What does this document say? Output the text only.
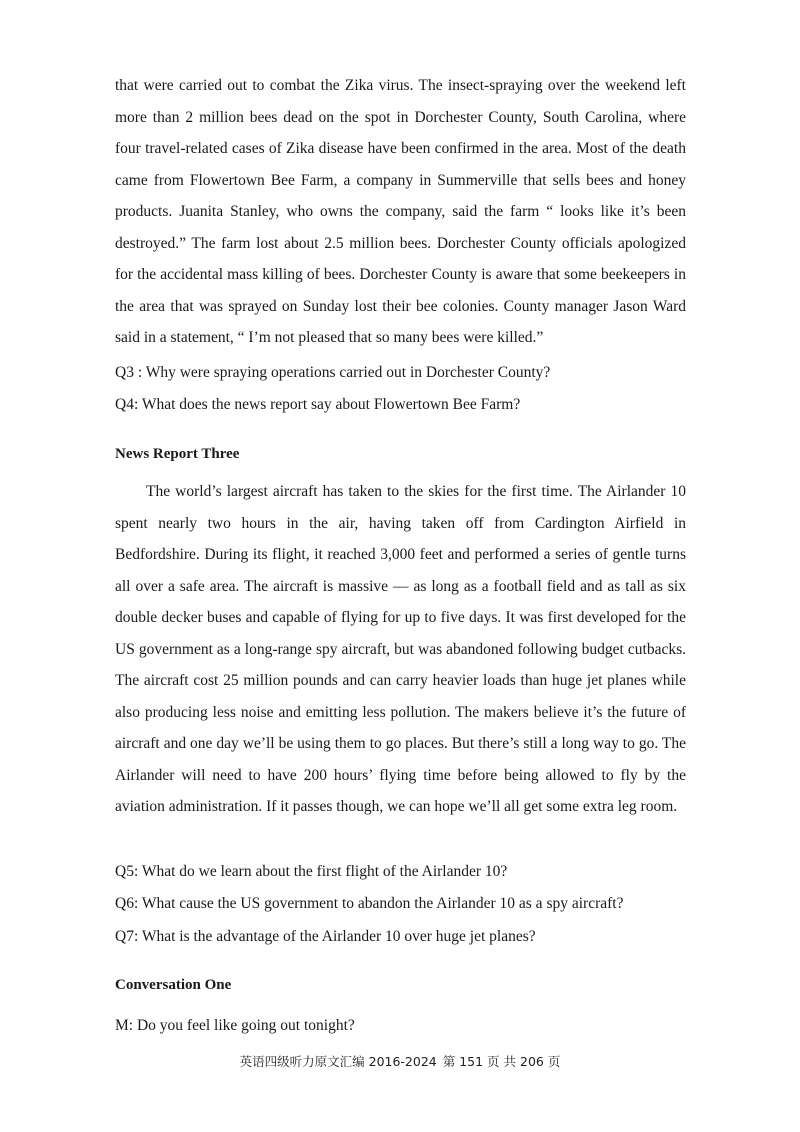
that were carried out to combat the Zika virus. The insect-spraying over the weekend left more than 2 million bees dead on the spot in Dorchester County, South Carolina, where four travel-related cases of Zika disease have been confirmed in the area. Most of the death came from Flowertown Bee Farm, a company in Summerville that sells bees and honey products. Juanita Stanley, who owns the company, said the farm “ looks like it’s been destroyed.” The farm lost about 2.5 million bees. Dorchester County officials apologized for the accidental mass killing of bees. Dorchester County is aware that some beekeepers in the area that was sprayed on Sunday lost their bee colonies. County manager Jason Ward said in a statement, “ I’m not pleased that so many bees were killed.”

Q3 : Why were spraying operations carried out in Dorchester County?

Q4: What does the news report say about Flowertown Bee Farm?

News Report Three

The world’s largest aircraft has taken to the skies for the first time. The Airlander 10 spent nearly two hours in the air, having taken off from Cardington Airfield in Bedfordshire. During its flight, it reached 3,000 feet and performed a series of gentle turns all over a safe area. The aircraft is massive — as long as a football field and as tall as six double decker buses and capable of flying for up to five days. It was first developed for the US government as a long-range spy aircraft, but was abandoned following budget cutbacks. The aircraft cost 25 million pounds and can carry heavier loads than huge jet planes while also producing less noise and emitting less pollution. The makers believe it’s the future of aircraft and one day we’ll be using them to go places. But there’s still a long way to go. The Airlander will need to have 200 hours’ flying time before being allowed to fly by the aviation administration. If it passes though, we can hope we’ll all get some extra leg room.

Q5: What do we learn about the first flight of the Airlander 10?

Q6: What cause the US government to abandon the Airlander 10 as a spy aircraft?

Q7: What is the advantage of the Airlander 10 over huge jet planes?

Conversation One

M: Do you feel like going out tonight?

英语四级听力原文汇编 2016-2024 第 151 页 共 206 页
